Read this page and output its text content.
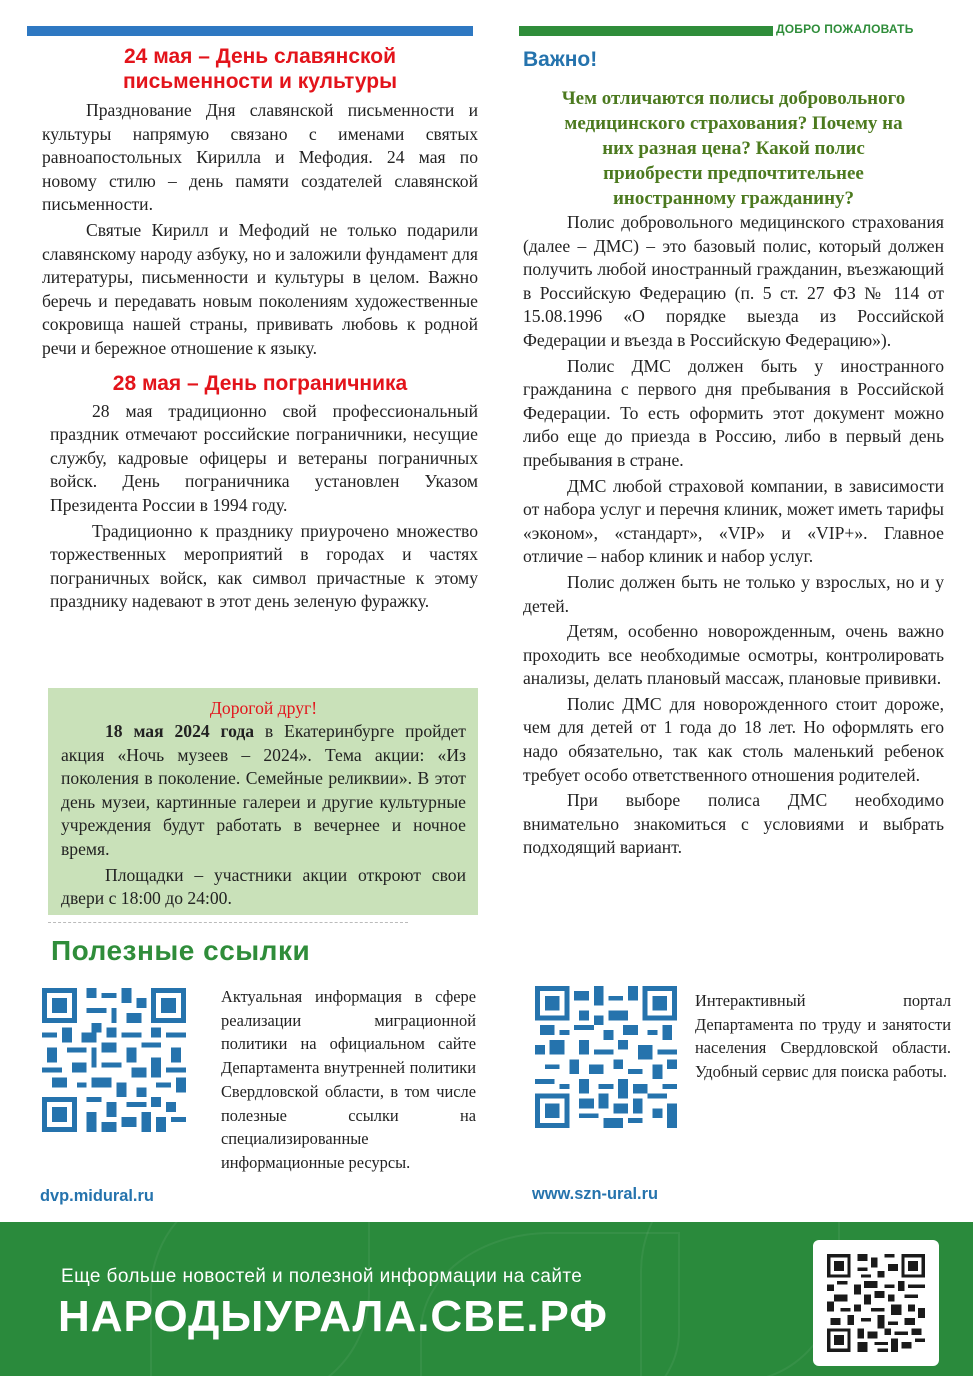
ДОБРО ПОЖАЛОВАТЬ
24 мая – День славянской письменности и культуры

Празднование Дня славянской письменности и культуры напрямую связано с именами святых равноапостольных Кирилла и Мефодия. 24 мая по новому стилю – день памяти создателей славянской письменности.

Святые Кирилл и Мефодий не только подарили славянскому народу азбуку, но и заложили фундамент для литературы, письменности и культуры в целом. Важно беречь и передавать новым поколениям художественные сокровища нашей страны, прививать любовь к родной речи и бережное отношение к языку.

28 мая – День пограничника

28 мая традиционно свой профессиональный праздник отмечают российские пограничники, несущие службу, кадровые офицеры и ветераны пограничных войск. День пограничника установлен Указом Президента России в 1994 году.

Традиционно к празднику приурочено множество торжественных мероприятий в городах и частях пограничных войск, как символ причастные к этому празднику надевают в этот день зеленую фуражку.

Дорогой друг!

18 мая 2024 года в Екатеринбурге пройдет акция «Ночь музеев – 2024». Тема акции: «Из поколения в поколение. Семейные реликвии». В этот день музеи, картинные галереи и другие культурные учреждения будут работать в вечернее и ночное время.

Площадки – участники акции откроют свои двери с 18:00 до 24:00.

Важно!
Чем отличаются полисы добровольного медицинского страхования? Почему на них разная цена? Какой полис приобрести предпочтительнее иностранному гражданину?

Полис добровольного медицинского страхования (далее – ДМС) – это базовый полис, который должен получить любой иностранный гражданин, въезжающий в Российскую Федерацию (п. 5 ст. 27 ФЗ № 114 от 15.08.1996 «О порядке выезда из Российской Федерации и въезда в Российскую Федерацию»).

Полис ДМС должен быть у иностранного гражданина с первого дня пребывания в Российской Федерации. То есть оформить этот документ можно либо еще до приезда в Россию, либо в первый день пребывания в стране.

ДМС любой страховой компании, в зависимости от набора услуг и перечня клиник, может иметь тарифы «эконом», «стандарт», «VIP» и «VIP+». Главное отличие – набор клиник и набор услуг.

Полис должен быть не только у взрослых, но и у детей.

Детям, особенно новорожденным, очень важно проходить все необходимые осмотры, контролировать анализы, делать плановый массаж, плановые прививки.

Полис ДМС для новорожденного стоит дороже, чем для детей от 1 года до 18 лет. Но оформлять его надо обязательно, так как столь маленький ребенок требует особо ответственного отношения родителей.

При выборе полиса ДМС необходимо внимательно знакомиться с условиями и выбрать подходящий вариант.

Полезные ссылки
Актуальная информация в сфере реализации миграционной политики на официальном сайте Департамента внутренней политики Свердловской области, в том числе полезные ссылки на специализированные информационные ресурсы.
dvp.midural.ru
Интерактивный портал Департамента по труду и занятости населения Свердловской области. Удобный сервис для поиска работы.
www.szn-ural.ru
Еще больше новостей и полезной информации на сайте
НАРОДЫУРАЛА.СВЕ.РФ
